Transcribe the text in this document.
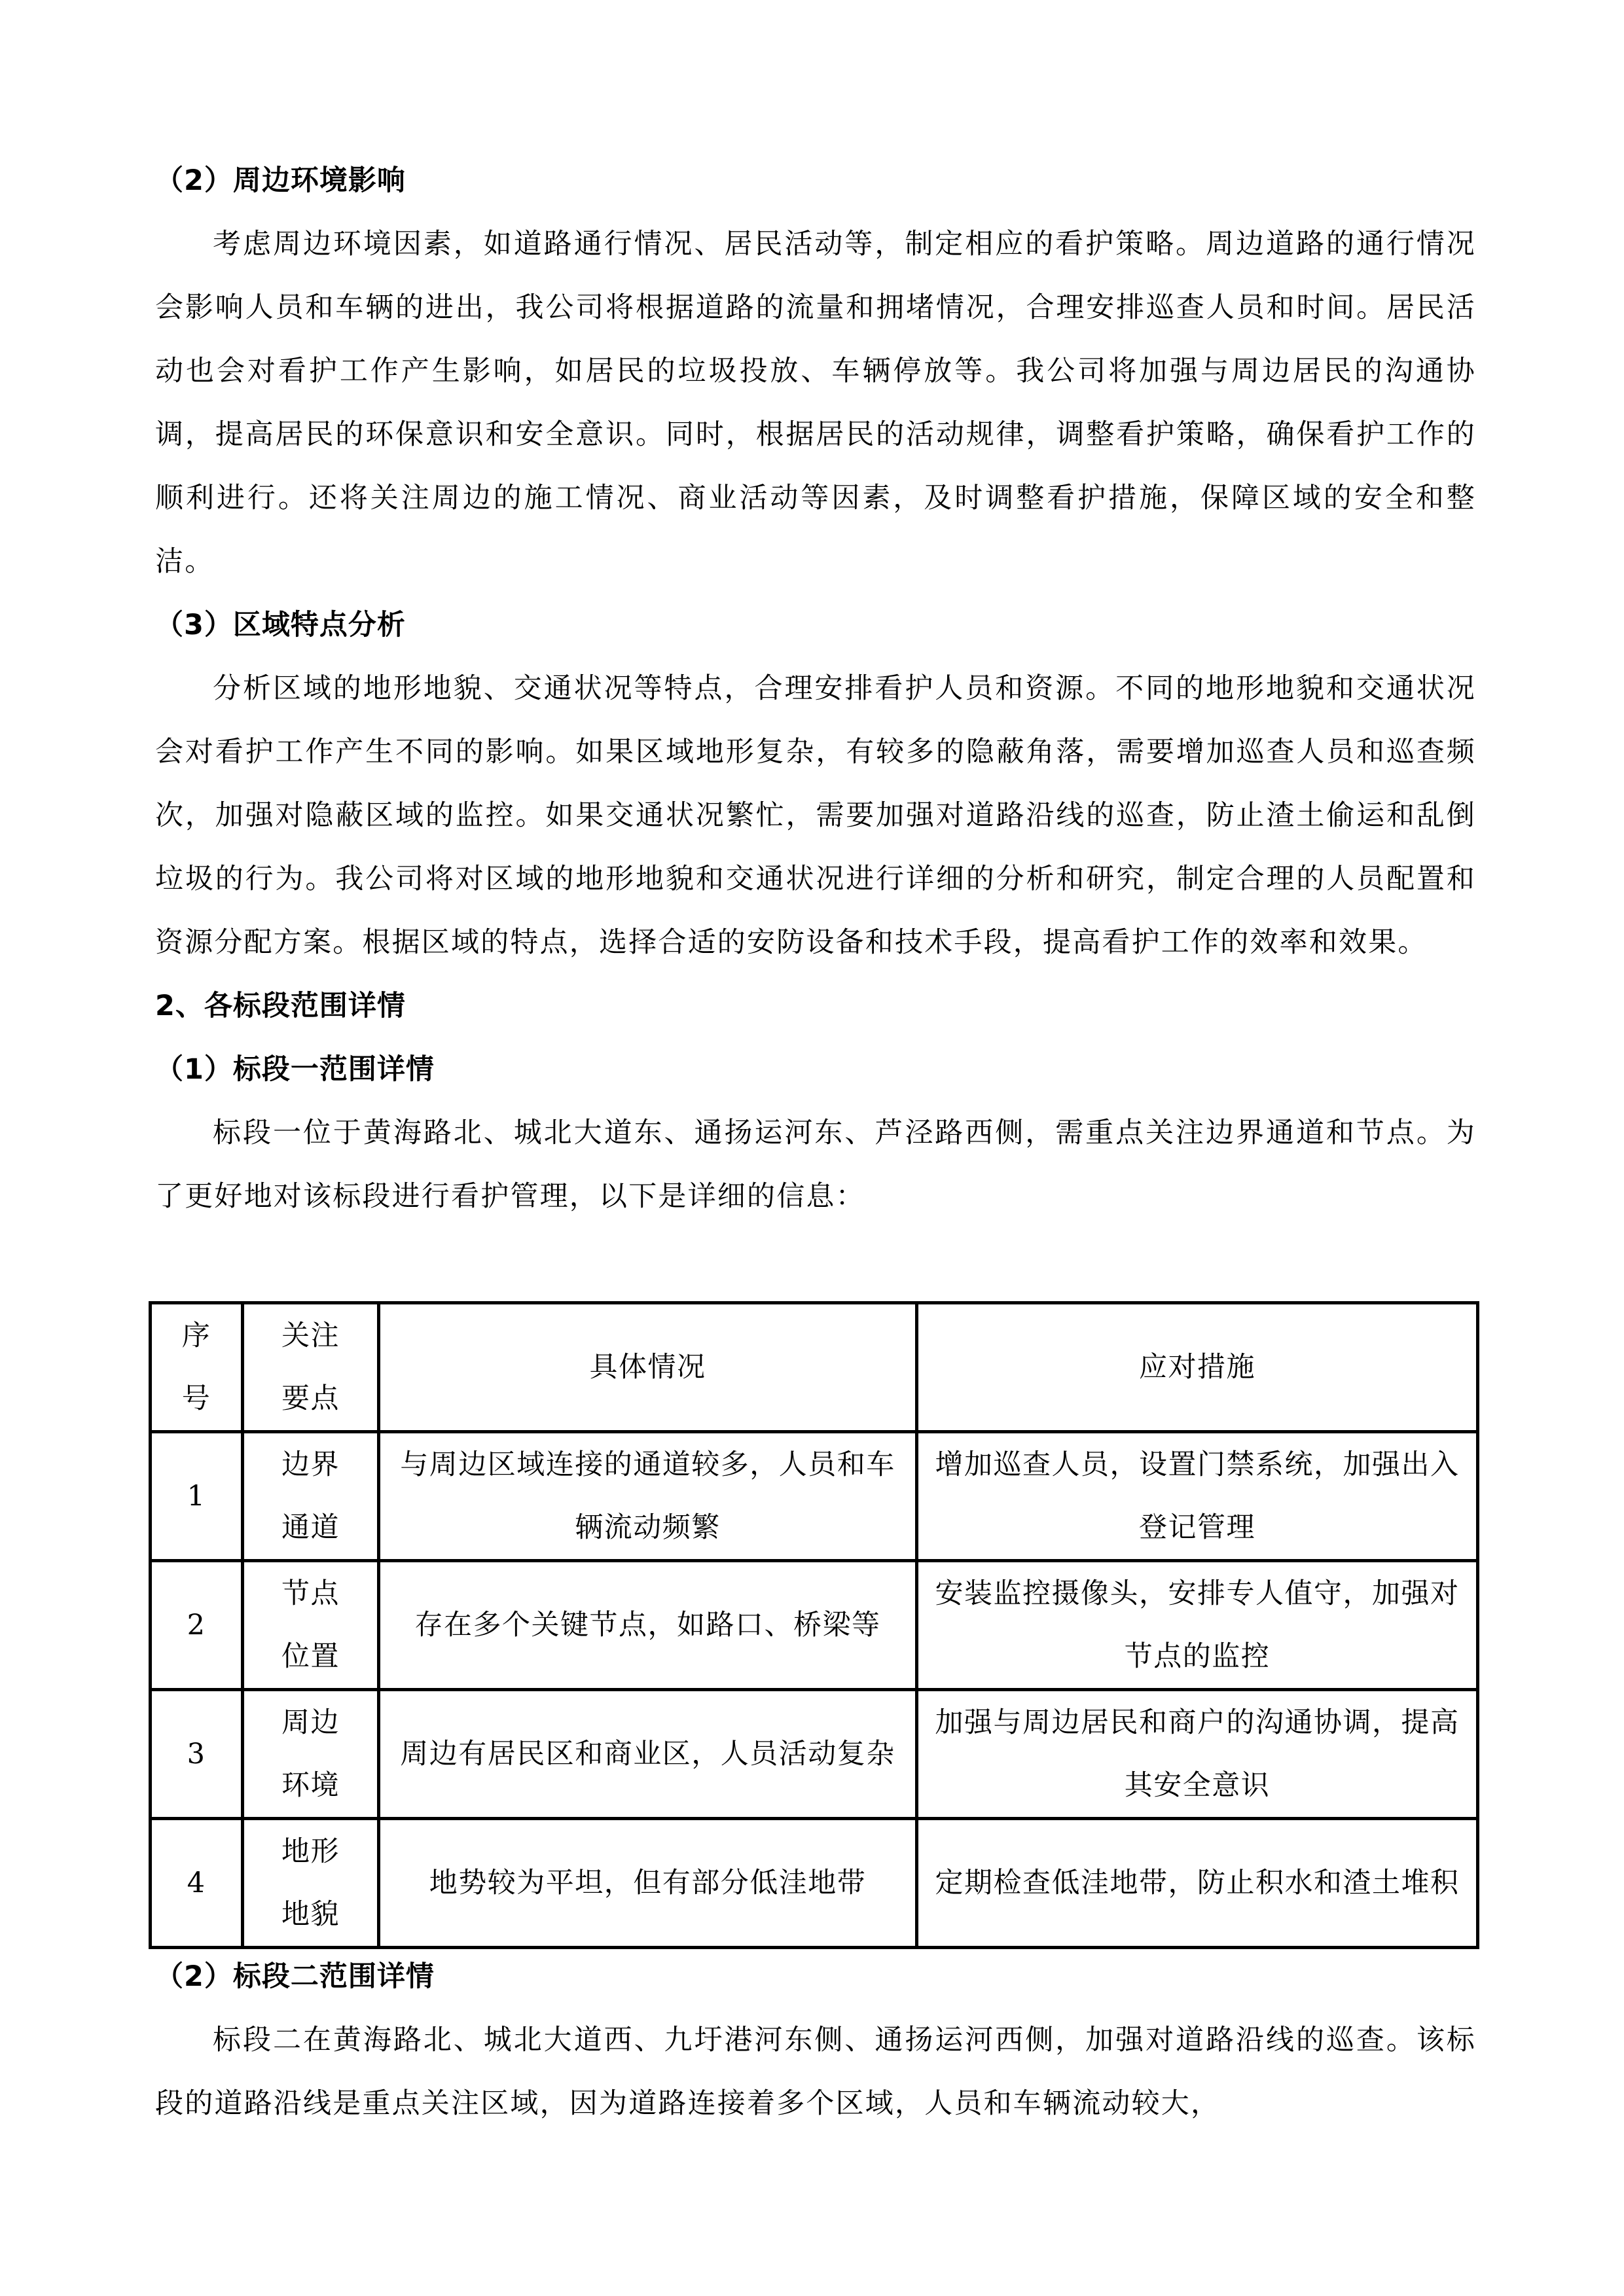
（2）周边环境影响

考虑周边环境因素，如道路通行情况、居民活动等，制定相应的看护策略。周边道路的通行情况会影响人员和车辆的进出，我公司将根据道路的流量和拥堵情况，合理安排巡查人员和时间。居民活动也会对看护工作产生影响，如居民的垃圾投放、车辆停放等。我公司将加强与周边居民的沟通协调，提高居民的环保意识和安全意识。同时，根据居民的活动规律，调整看护策略，确保看护工作的顺利进行。还将关注周边的施工情况、商业活动等因素，及时调整看护措施，保障区域的安全和整洁。

（3）区域特点分析

分析区域的地形地貌、交通状况等特点，合理安排看护人员和资源。不同的地形地貌和交通状况会对看护工作产生不同的影响。如果区域地形复杂，有较多的隐蔽角落，需要增加巡查人员和巡查频次，加强对隐蔽区域的监控。如果交通状况繁忙，需要加强对道路沿线的巡查，防止渣土偷运和乱倒垃圾的行为。我公司将对区域的地形地貌和交通状况进行详细的分析和研究，制定合理的人员配置和资源分配方案。根据区域的特点，选择合适的安防设备和技术手段，提高看护工作的效率和效果。

2、各标段范围详情
（1）标段一范围详情

标段一位于黄海路北、城北大道东、通扬运河东、芦泾路西侧，需重点关注边界通道和节点。为了更好地对该标段进行看护管理，以下是详细的信息：

序号	关注要点	具体情况	应对措施
1	边界通道	与周边区域连接的通道较多，人员和车辆流动频繁	增加巡查人员，设置门禁系统，加强出入登记管理
2	节点位置	存在多个关键节点，如路口、桥梁等	安装监控摄像头，安排专人值守，加强对节点的监控
3	周边环境	周边有居民区和商业区，人员活动复杂	加强与周边居民和商户的沟通协调，提高其安全意识
4	地形地貌	地势较为平坦，但有部分低洼地带	定期检查低洼地带，防止积水和渣土堆积
（2）标段二范围详情

标段二在黄海路北、城北大道西、九圩港河东侧、通扬运河西侧，加强对道路沿线的巡查。该标段的道路沿线是重点关注区域，因为道路连接着多个区域，人员和车辆流动较大，
